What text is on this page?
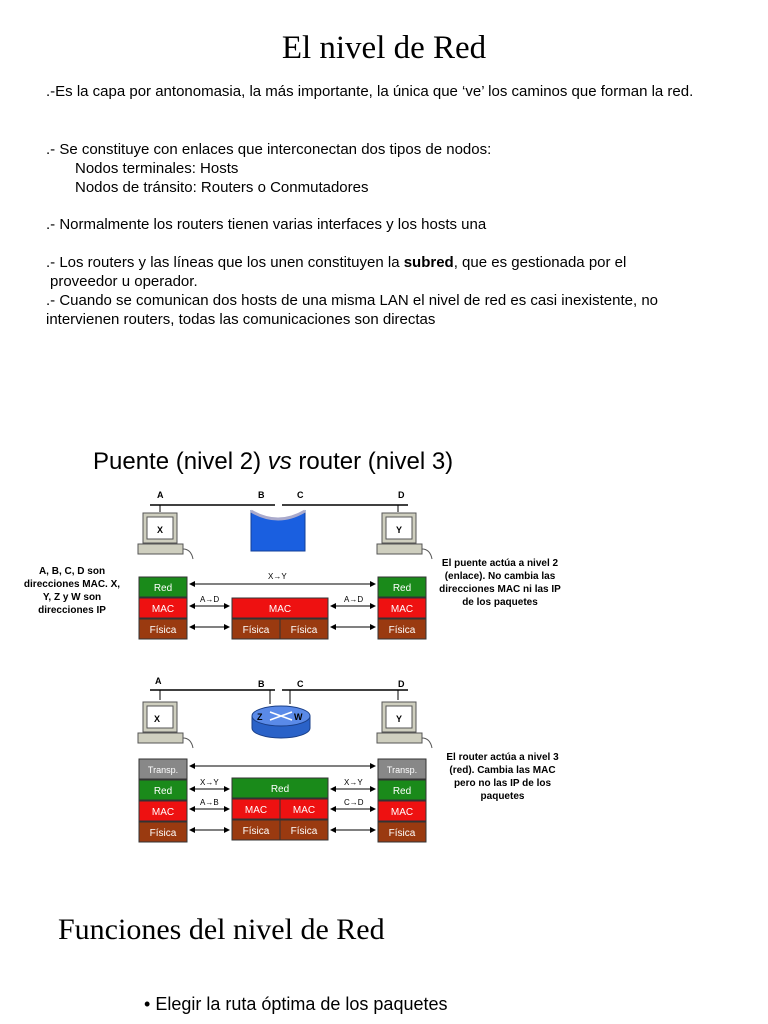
El nivel de Red

.-Es la capa por antonomasia, la más importante, la única que ‘ve’ los caminos que forman la red.

.- Se constituye con enlaces que interconectan dos tipos de nodos:

Nodos terminales: Hosts

Nodos de tránsito: Routers o Conmutadores

.- Normalmente los routers tienen varias interfaces y los hosts una

.- Los routers y las líneas que los unen constituyen la subred, que es gestionada por el

proveedor u operador.

.- Cuando se comunican dos hosts de una misma LAN el nivel de red es casi inexistente, no intervienen routers, todas las comunicaciones son directas

Puente (nivel 2) vs router (nivel 3)
A, B, C, D son direcciones MAC. X, Y, Z y W son direcciones IP
El puente actúa a nivel 2 (enlace). No cambia las direcciones MAC ni las IP de los paquetes
El router actúa a nivel 3 (red). Cambia las MAC pero no las IP de los paquetes
A	B	C	D
X	Y
Red
MAC
Física
MAC
Física Física
Red
MAC
Física
X→Y
A→D	A→D
A	B	C	D
X	Y
Z	W
Transp.
Red
MAC
Física
Red
MAC	MAC
Física Física
Transp.
Red
MAC
Física
X→Y	X→Y
A→B	C→D
Funciones del nivel de Red
• Elegir la ruta óptima de los paquetes
